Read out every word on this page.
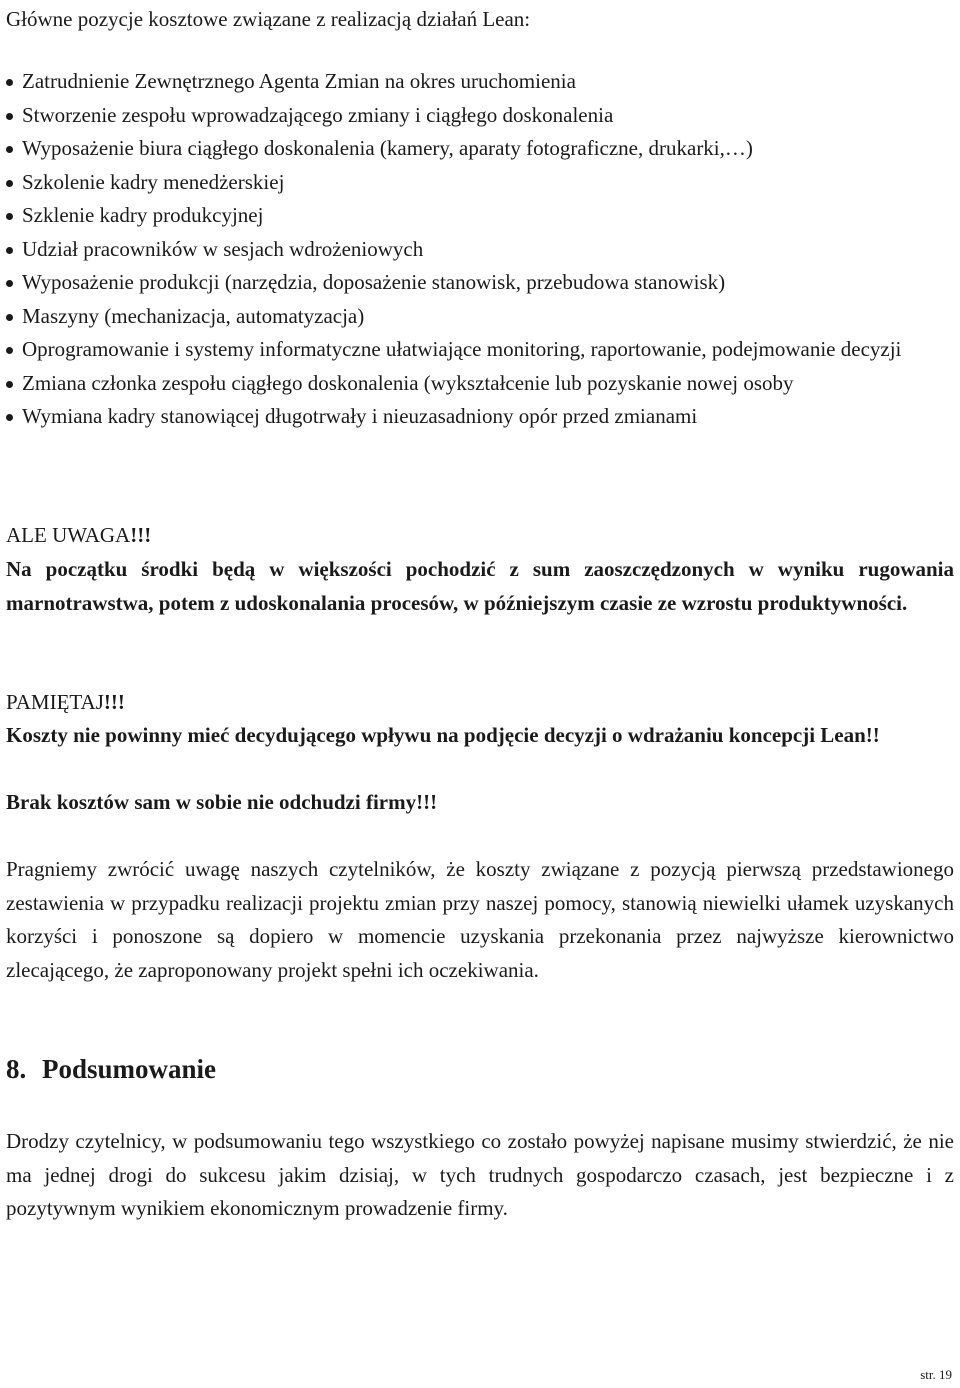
Główne pozycje kosztowe związane z realizacją działań Lean:
Zatrudnienie Zewnętrznego Agenta Zmian na okres uruchomienia
Stworzenie zespołu wprowadzającego zmiany i ciągłego doskonalenia
Wyposażenie biura ciągłego doskonalenia (kamery, aparaty fotograficzne, drukarki,…)
Szkolenie kadry menedżerskiej
Szklenie kadry produkcyjnej
Udział pracowników w sesjach wdrożeniowych
Wyposażenie produkcji (narzędzia, doposażenie stanowisk, przebudowa stanowisk)
Maszyny (mechanizacja, automatyzacja)
Oprogramowanie i systemy informatyczne ułatwiające monitoring, raportowanie, podejmowanie decyzji
Zmiana członka zespołu ciągłego doskonalenia (wykształcenie lub pozyskanie nowej osoby
Wymiana kadry stanowiącej długotrwały i nieuzasadniony opór przed zmianami
ALE UWAGA!!!
Na początku środki będą w większości pochodzić z sum zaoszczędzonych w wyniku rugowania marnotrawstwa, potem z udoskonalania procesów, w późniejszym czasie ze wzrostu produktywności.
PAMIĘTAJ!!!
Koszty nie powinny mieć decydującego wpływu na podjęcie decyzji o wdrażaniu koncepcji Lean!!
Brak kosztów sam w sobie nie odchudzi firmy!!!
Pragniemy zwrócić uwagę naszych czytelników, że koszty związane z pozycją pierwszą przedstawionego zestawienia w przypadku realizacji projektu zmian przy naszej pomocy, stanowią niewielki ułamek uzyskanych korzyści i ponoszone są dopiero w momencie uzyskania przekonania przez najwyższe kierownictwo zlecającego, że zaproponowany projekt spełni ich oczekiwania.
8. Podsumowanie
Drodzy czytelnicy, w podsumowaniu tego wszystkiego co zostało powyżej napisane musimy stwierdzić, że nie ma jednej drogi do sukcesu jakim dzisiaj, w tych trudnych gospodarczo czasach, jest bezpieczne i z pozytywnym wynikiem ekonomicznym prowadzenie firmy.
str. 19
